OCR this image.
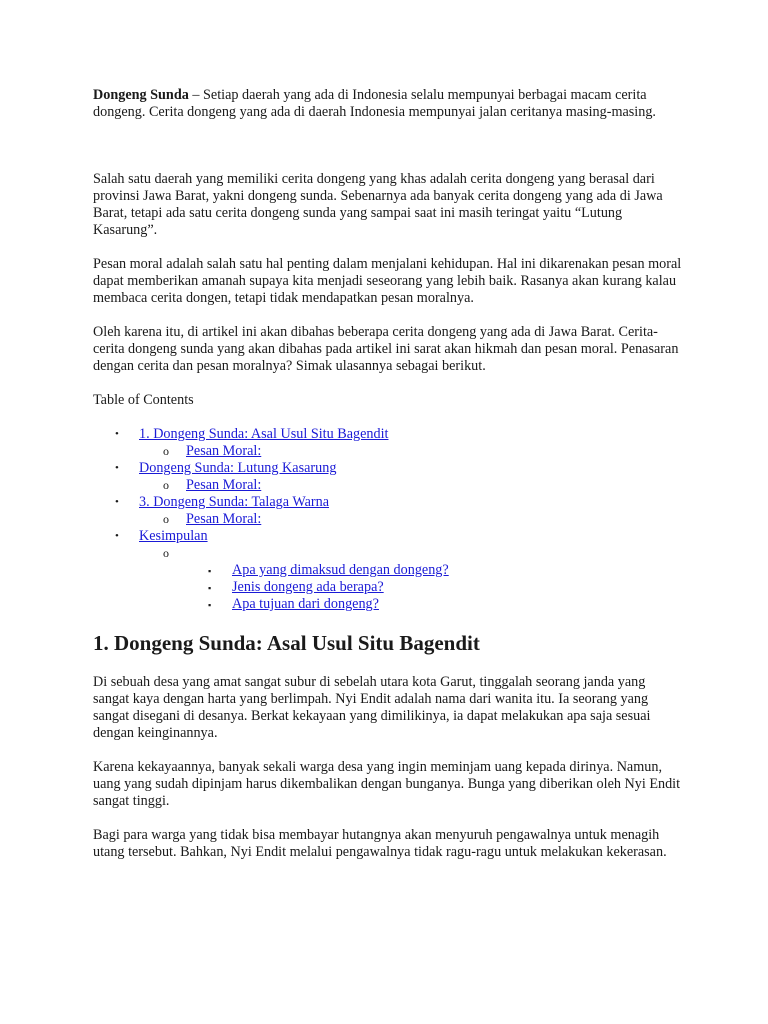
Dongeng Sunda – Setiap daerah yang ada di Indonesia selalu mempunyai berbagai macam cerita dongeng. Cerita dongeng yang ada di daerah Indonesia mempunyai jalan ceritanya masing-masing.

Salah satu daerah yang memiliki cerita dongeng yang khas adalah cerita dongeng yang berasal dari provinsi Jawa Barat, yakni dongeng sunda. Sebenarnya ada banyak cerita dongeng yang ada di Jawa Barat, tetapi ada satu cerita dongeng sunda yang sampai saat ini masih teringat yaitu “Lutung Kasarung”.

Pesan moral adalah salah satu hal penting dalam menjalani kehidupan. Hal ini dikarenakan pesan moral dapat memberikan amanah supaya kita menjadi seseorang yang lebih baik. Rasanya akan kurang kalau membaca cerita dongen, tetapi tidak mendapatkan pesan moralnya.

Oleh karena itu, di artikel ini akan dibahas beberapa cerita dongeng yang ada di Jawa Barat. Cerita-cerita dongeng sunda yang akan dibahas pada artikel ini sarat akan hikmah dan pesan moral. Penasaran dengan cerita dan pesan moralnya? Simak ulasannya sebagai berikut.

Table of Contents

• 1. Dongeng Sunda: Asal Usul Situ Bagendit
o Pesan Moral:
• Dongeng Sunda: Lutung Kasarung
o Pesan Moral:
• 3. Dongeng Sunda: Talaga Warna
o Pesan Moral:
• Kesimpulan
o
▪ Apa yang dimaksud dengan dongeng?
▪ Jenis dongeng ada berapa?
▪ Apa tujuan dari dongeng?
1. Dongeng Sunda: Asal Usul Situ Bagendit

Di sebuah desa yang amat sangat subur di sebelah utara kota Garut, tinggalah seorang janda yang sangat kaya dengan harta yang berlimpah. Nyi Endit adalah nama dari wanita itu. Ia seorang yang sangat disegani di desanya. Berkat kekayaan yang dimilikinya, ia dapat melakukan apa saja sesuai dengan keinginannya.

Karena kekayaannya, banyak sekali warga desa yang ingin meminjam uang kepada dirinya. Namun, uang yang sudah dipinjam harus dikembalikan dengan bunganya. Bunga yang diberikan oleh Nyi Endit sangat tinggi.

Bagi para warga yang tidak bisa membayar hutangnya akan menyuruh pengawalnya untuk menagih utang tersebut. Bahkan, Nyi Endit melalui pengawalnya tidak ragu-ragu untuk melakukan kekerasan.
